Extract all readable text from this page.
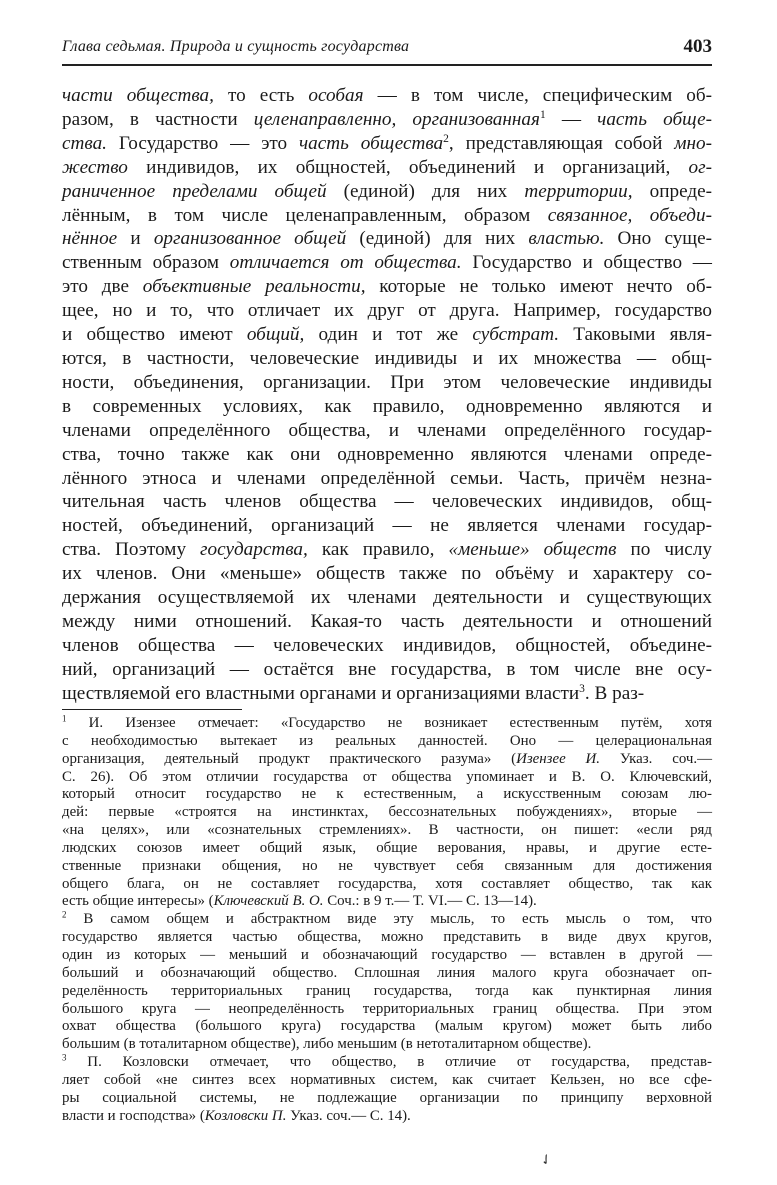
Глава седьмая. Природа и сущность государства	403
части общества, то есть особая — в том числе, специфическим об-
разом, в частности целенаправленно, организованная$^1$ — часть обще-
ства. Государство — это часть общества$^2$, представляющая собой мно-
жество индивидов, их общностей, объединений и организаций, ог-
раниченное пределами общей (единой) для них территории, опреде-
лённым, в том числе целенаправленным, образом связанное, объеди-
нённое и организованное общей (единой) для них властью. Оно суще-
ственным образом отличается от общества. Государство и общество —
это две объективные реальности, которые не только имеют нечто об-
щее, но и то, что отличает их друг от друга. Например, государство
и общество имеют общий, один и тот же субстрат. Таковыми явля-
ются, в частности, человеческие индивиды и их множества — общ-
ности, объединения, организации. При этом человеческие индивиды
в современных условиях, как правило, одновременно являются и
членами определённого общества, и членами определённого государ-
ства, точно также как они одновременно являются членами опреде-
лённого этноса и членами определённой семьи. Часть, причём незна-
чительная часть членов общества — человеческих индивидов, общ-
ностей, объединений, организаций — не является членами государ-
ства. Поэтому государства, как правило, «меньше» обществ по числу
их членов. Они «меньше» обществ также по объёму и характеру со-
держания осуществляемой их членами деятельности и существующих
между ними отношений. Какая-то часть деятельности и отношений
членов общества — человеческих индивидов, общностей, объедине-
ний, организаций — остаётся вне государства, в том числе вне осу-
ществляемой его властными органами и организациями власти$^3$. В раз-
$^1$ И. Изензее отмечает: «Государство не возникает естественным путём, хотя
с необходимостью вытекает из реальных данностей. Оно — целерациональная
организация, деятельный продукт практического разума» (Изензее И. Указ. соч.—
С. 26). Об этом отличии государства от общества упоминает и В. О. Ключевский,
который относит государство не к естественным, а искусственным союзам лю-
дей: первые «строятся на инстинктах, бессознательных побуждениях», вторые —
«на целях», или «сознательных стремлениях». В частности, он пишет: «если ряд
людских союзов имеет общий язык, общие верования, нравы, и другие есте-
ственные признаки общения, но не чувствует себя связанным для достижения
общего блага, он не составляет государства, хотя составляет общество, так как
есть общие интересы» (Ключевский В. О. Соч.: в 9 т.— Т. VI.— С. 13—14).
$^2$ В самом общем и абстрактном виде эту мысль, то есть мысль о том, что
государство является частью общества, можно представить в виде двух кругов,
один из которых — меньший и обозначающий государство — вставлен в другой —
больший и обозначающий общество. Сплошная линия малого круга обозначает оп-
ределённость территориальных границ государства, тогда как пунктирная линия
большого круга — неопределённость территориальных границ общества. При этом
охват общества (большого круга) государства (малым кругом) может быть либо
большим (в тоталитарном обществе), либо меньшим (в нетоталитарном обществе).
$^3$ П. Козловски отмечает, что общество, в отличие от государства, представ-
ляет собой «не синтез всех нормативных систем, как считает Кельзен, но все сфе-
ры социальной системы, не подлежащие организации по принципу верховной
власти и господства» (Козловски П. Указ. соч.— С. 14).
✓
